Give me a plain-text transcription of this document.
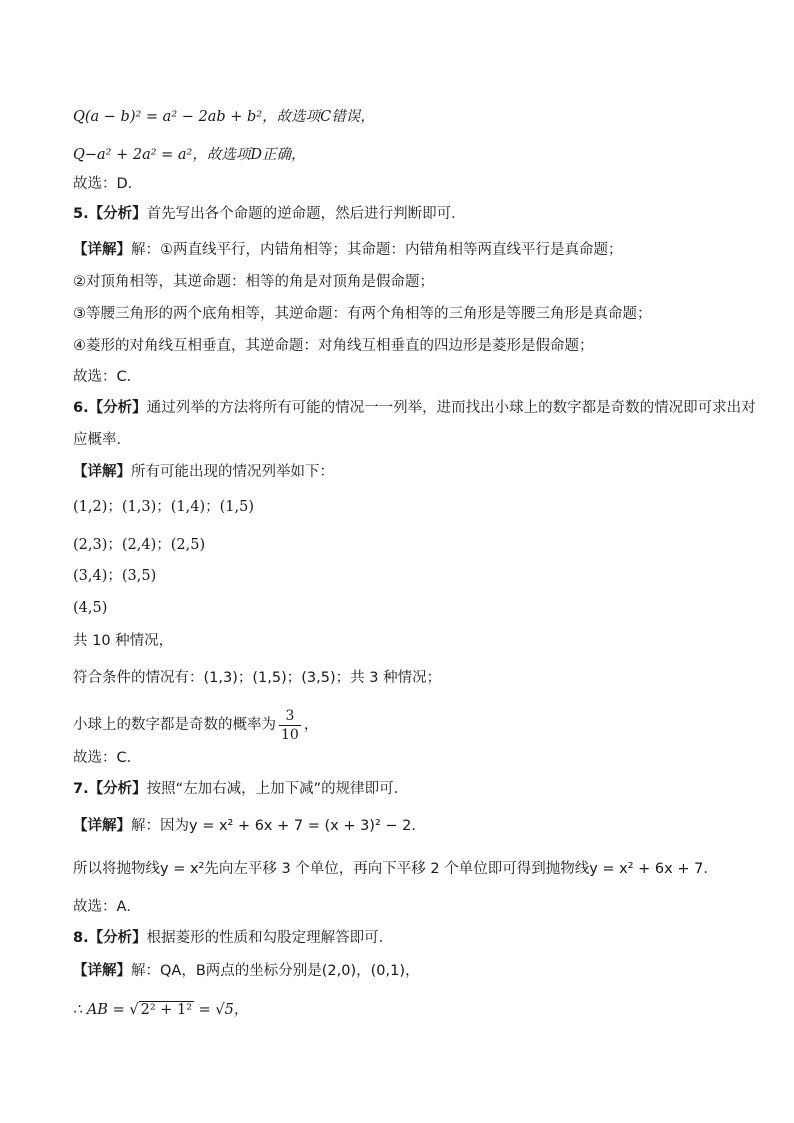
Q(a − b)² = a² − 2ab + b²，故选项C错误，
Q−a² + 2a² = a²，故选项D正确，
故选：D．
5.【分析】首先写出各个命题的逆命题，然后进行判断即可．
【详解】解：①两直线平行，内错角相等；其命题：内错角相等两直线平行是真命题；
②对顶角相等，其逆命题：相等的角是对顶角是假命题；
③等腰三角形的两个底角相等，其逆命题：有两个角相等的三角形是等腰三角形是真命题；
④菱形的对角线互相垂直，其逆命题：对角线互相垂直的四边形是菱形是假命题；
故选：C．
6.【分析】通过列举的方法将所有可能的情况一一列举，进而找出小球上的数字都是奇数的情况即可求出对
应概率．
【详解】所有可能出现的情况列举如下：
(1,2)；(1,3)；(1,4)；(1,5)
(2,3)；(2,4)；(2,5)
(3,4)；(3,5)
(4,5)
共 10 种情况，
符合条件的情况有：(1,3)；(1,5)；(3,5)；共 3 种情况；
小球上的数字都是奇数的概率为 $\frac{3}{10}$ ，
故选：C．
7.【分析】按照“左加右减，上加下减”的规律即可．
【详解】解：因为y = x² + 6x + 7 = (x + 3)² − 2．
所以将抛物线y = x²先向左平移 3 个单位，再向下平移 2 个单位即可得到抛物线y = x² + 6x + 7．
故选：A．
8.【分析】根据菱形的性质和勾股定理解答即可．
【详解】解：QA，B两点的坐标分别是(2,0)，(0,1)，
∴ AB = √ 2² + 1² = √5，
